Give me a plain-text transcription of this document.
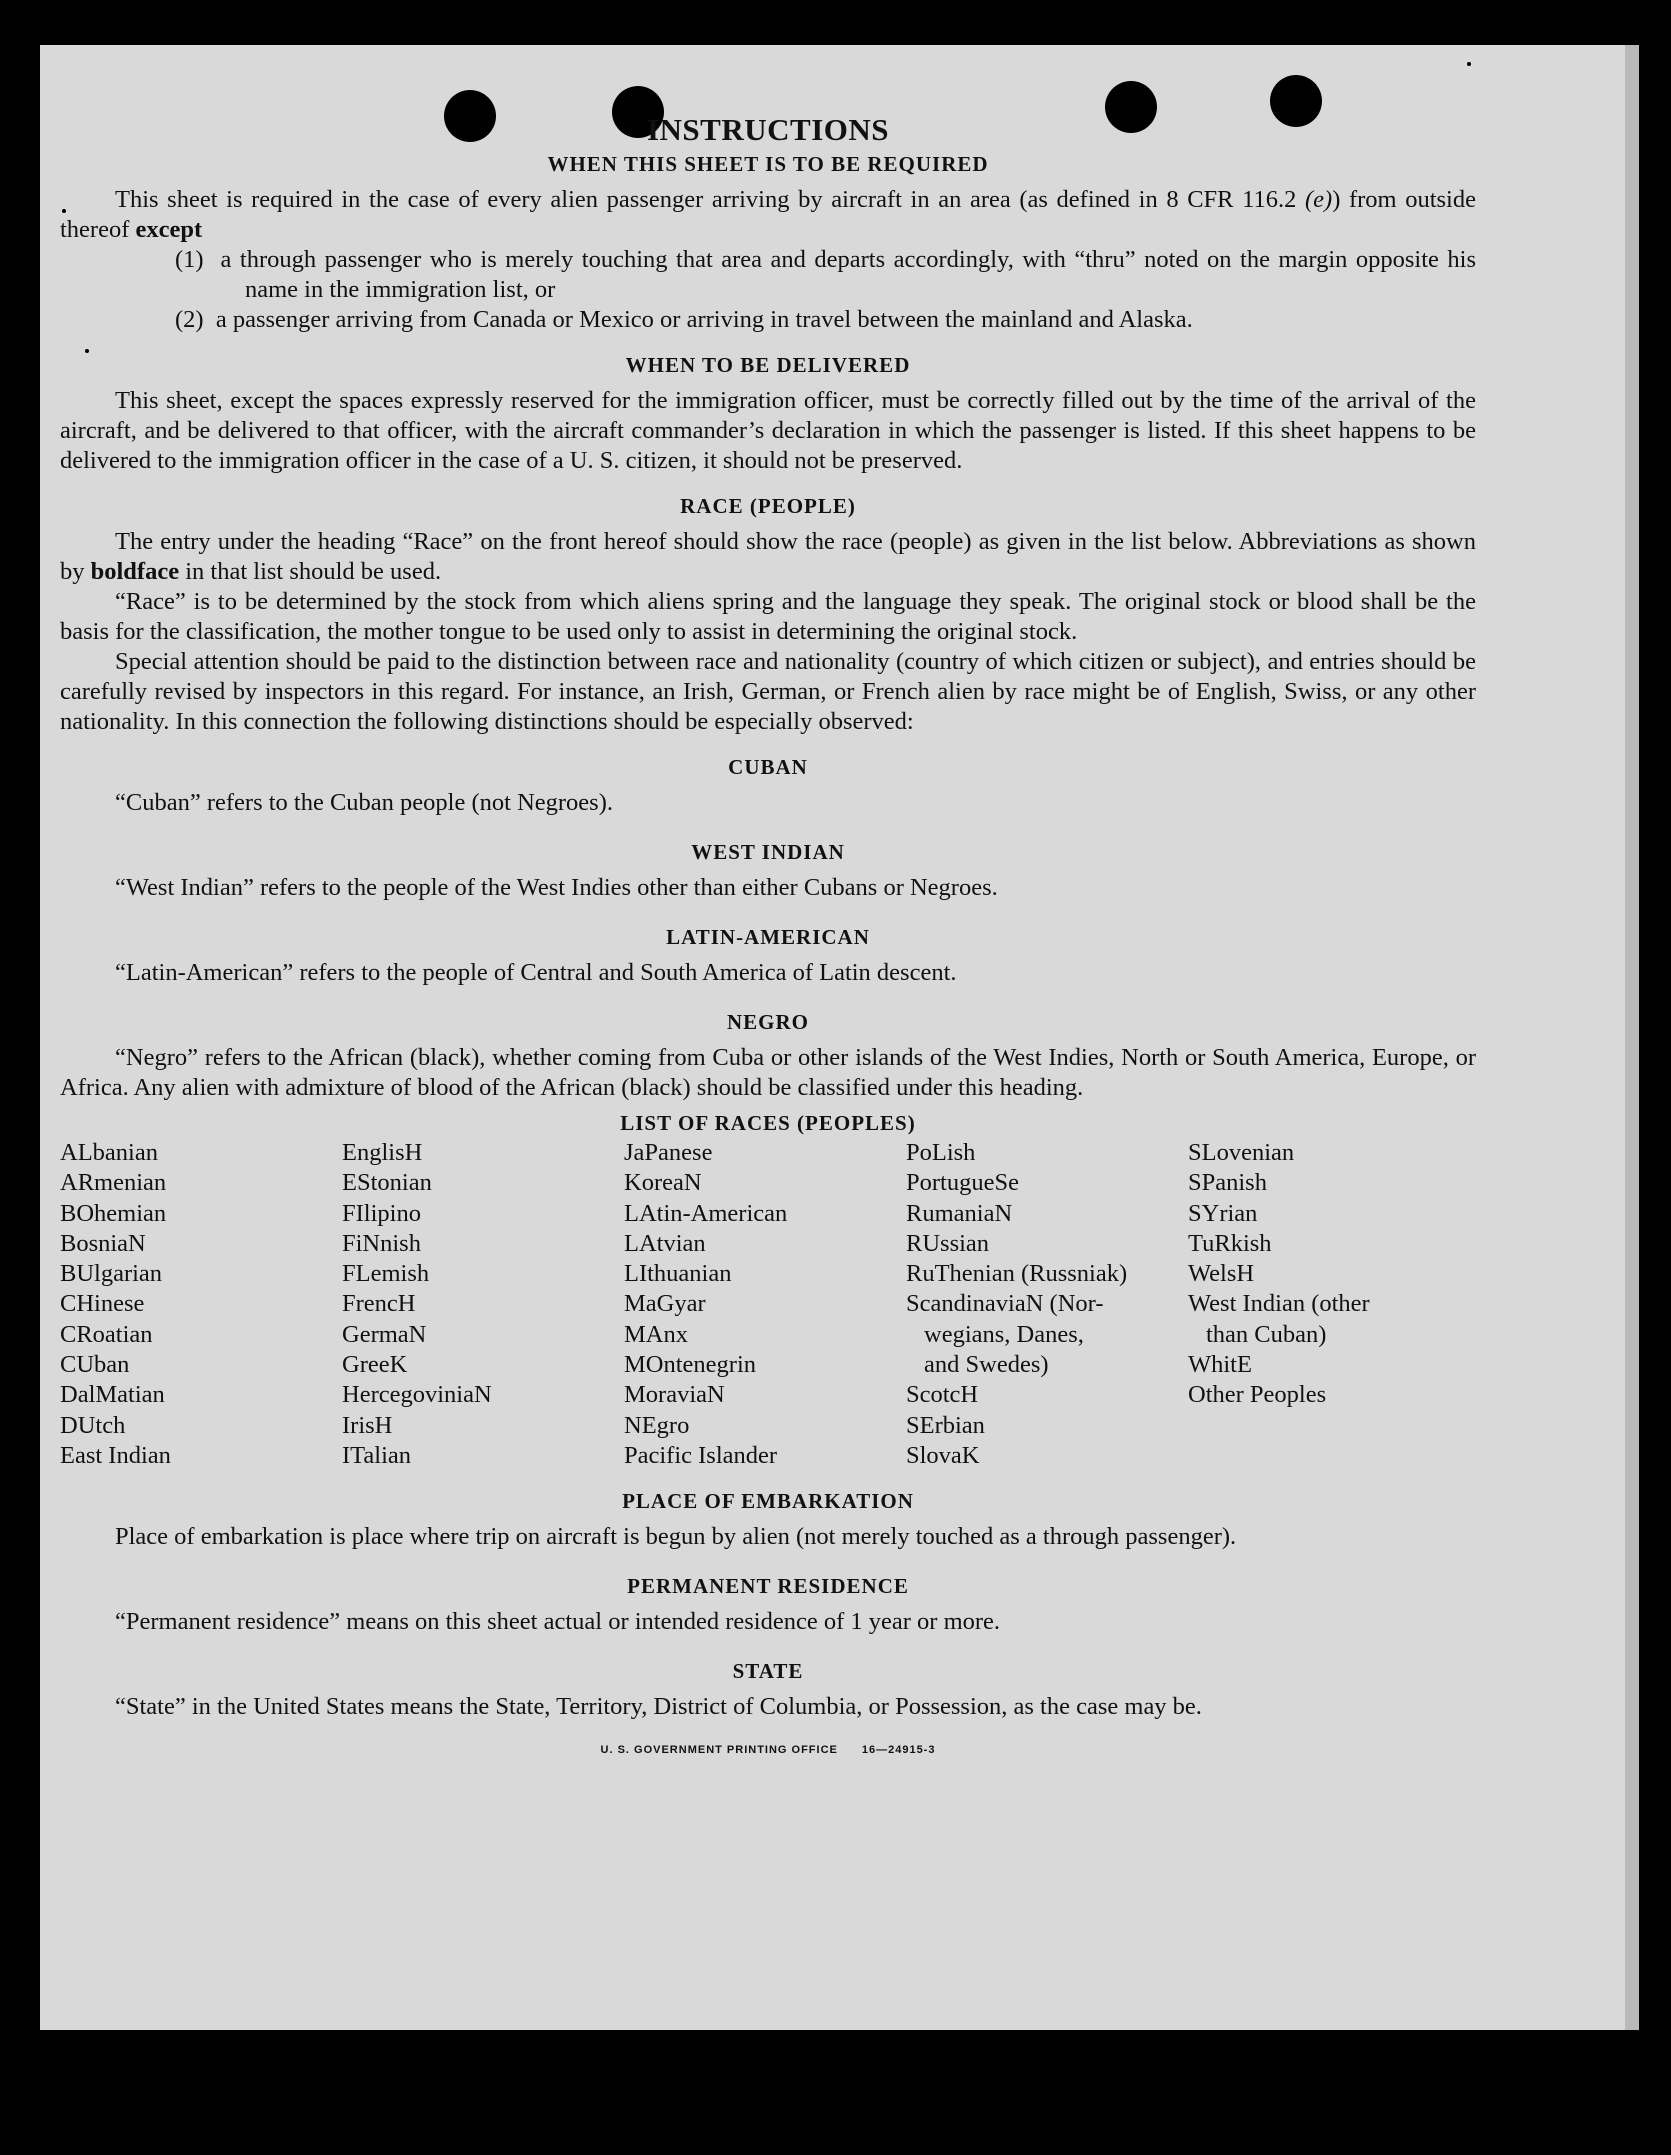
INSTRUCTIONS
WHEN THIS SHEET IS TO BE REQUIRED

This sheet is required in the case of every alien passenger arriving by aircraft in an area (as defined in 8 CFR 116.2 (e)) from outside thereof except

(1)  a through passenger who is merely touching that area and departs accordingly, with “thru” noted on the margin opposite his name in the immigration list, or

(2)  a passenger arriving from Canada or Mexico or arriving in travel between the mainland and Alaska.

WHEN TO BE DELIVERED

This sheet, except the spaces expressly reserved for the immigration officer, must be correctly filled out by the time of the arrival of the aircraft, and be delivered to that officer, with the aircraft commander’s declaration in which the passenger is listed. If this sheet happens to be delivered to the immigration officer in the case of a U. S. citizen, it should not be preserved.

RACE (PEOPLE)

The entry under the heading “Race” on the front hereof should show the race (people) as given in the list below. Abbreviations as shown by boldface in that list should be used.

“Race” is to be determined by the stock from which aliens spring and the language they speak. The original stock or blood shall be the basis for the classification, the mother tongue to be used only to assist in determining the original stock.

Special attention should be paid to the distinction between race and nationality (country of which citizen or subject), and entries should be carefully revised by inspectors in this regard. For instance, an Irish, German, or French alien by race might be of English, Swiss, or any other nationality. In this connection the following distinctions should be especially observed:

CUBAN

“Cuban” refers to the Cuban people (not Negroes).

WEST INDIAN

“West Indian” refers to the people of the West Indies other than either Cubans or Negroes.

LATIN-AMERICAN

“Latin-American” refers to the people of Central and South America of Latin descent.

NEGRO

“Negro” refers to the African (black), whether coming from Cuba or other islands of the West Indies, North or South America, Europe, or Africa. Any alien with admixture of blood of the African (black) should be classified under this heading.

LIST OF RACES (PEOPLES)
ALbanian
ARmenian
BOhemian
BosniaN
BUlgarian
CHinese
CRoatian
CUban
DalMatian
DUtch
East Indian
EnglisH
EStonian
FIlipino
FiNnish
FLemish
FrencH
GermaN
GreeK
HercegoviniaN
IrisH
ITalian
JaPanese
KoreaN
LAtin-American
LAtvian
LIthuanian
MaGyar
MAnx
MOntenegrin
MoraviaN
NEgro
Pacific Islander
PoLish
PortugueSe
RumaniaN
RUssian
RuThenian (Russniak)
ScandinaviaN (Nor-
wegians, Danes,
and Swedes)
ScotcH
SErbian
SlovaK
SLovenian
SPanish
SYrian
TuRkish
WelsH
West Indian (other
than Cuban)
WhitE
Other Peoples
PLACE OF EMBARKATION

Place of embarkation is place where trip on aircraft is begun by alien (not merely touched as a through passenger).

PERMANENT RESIDENCE

“Permanent residence” means on this sheet actual or intended residence of 1 year or more.

STATE

“State” in the United States means the State, Territory, District of Columbia, or Possession, as the case may be.

U. S. GOVERNMENT PRINTING OFFICE  16—24915-3
